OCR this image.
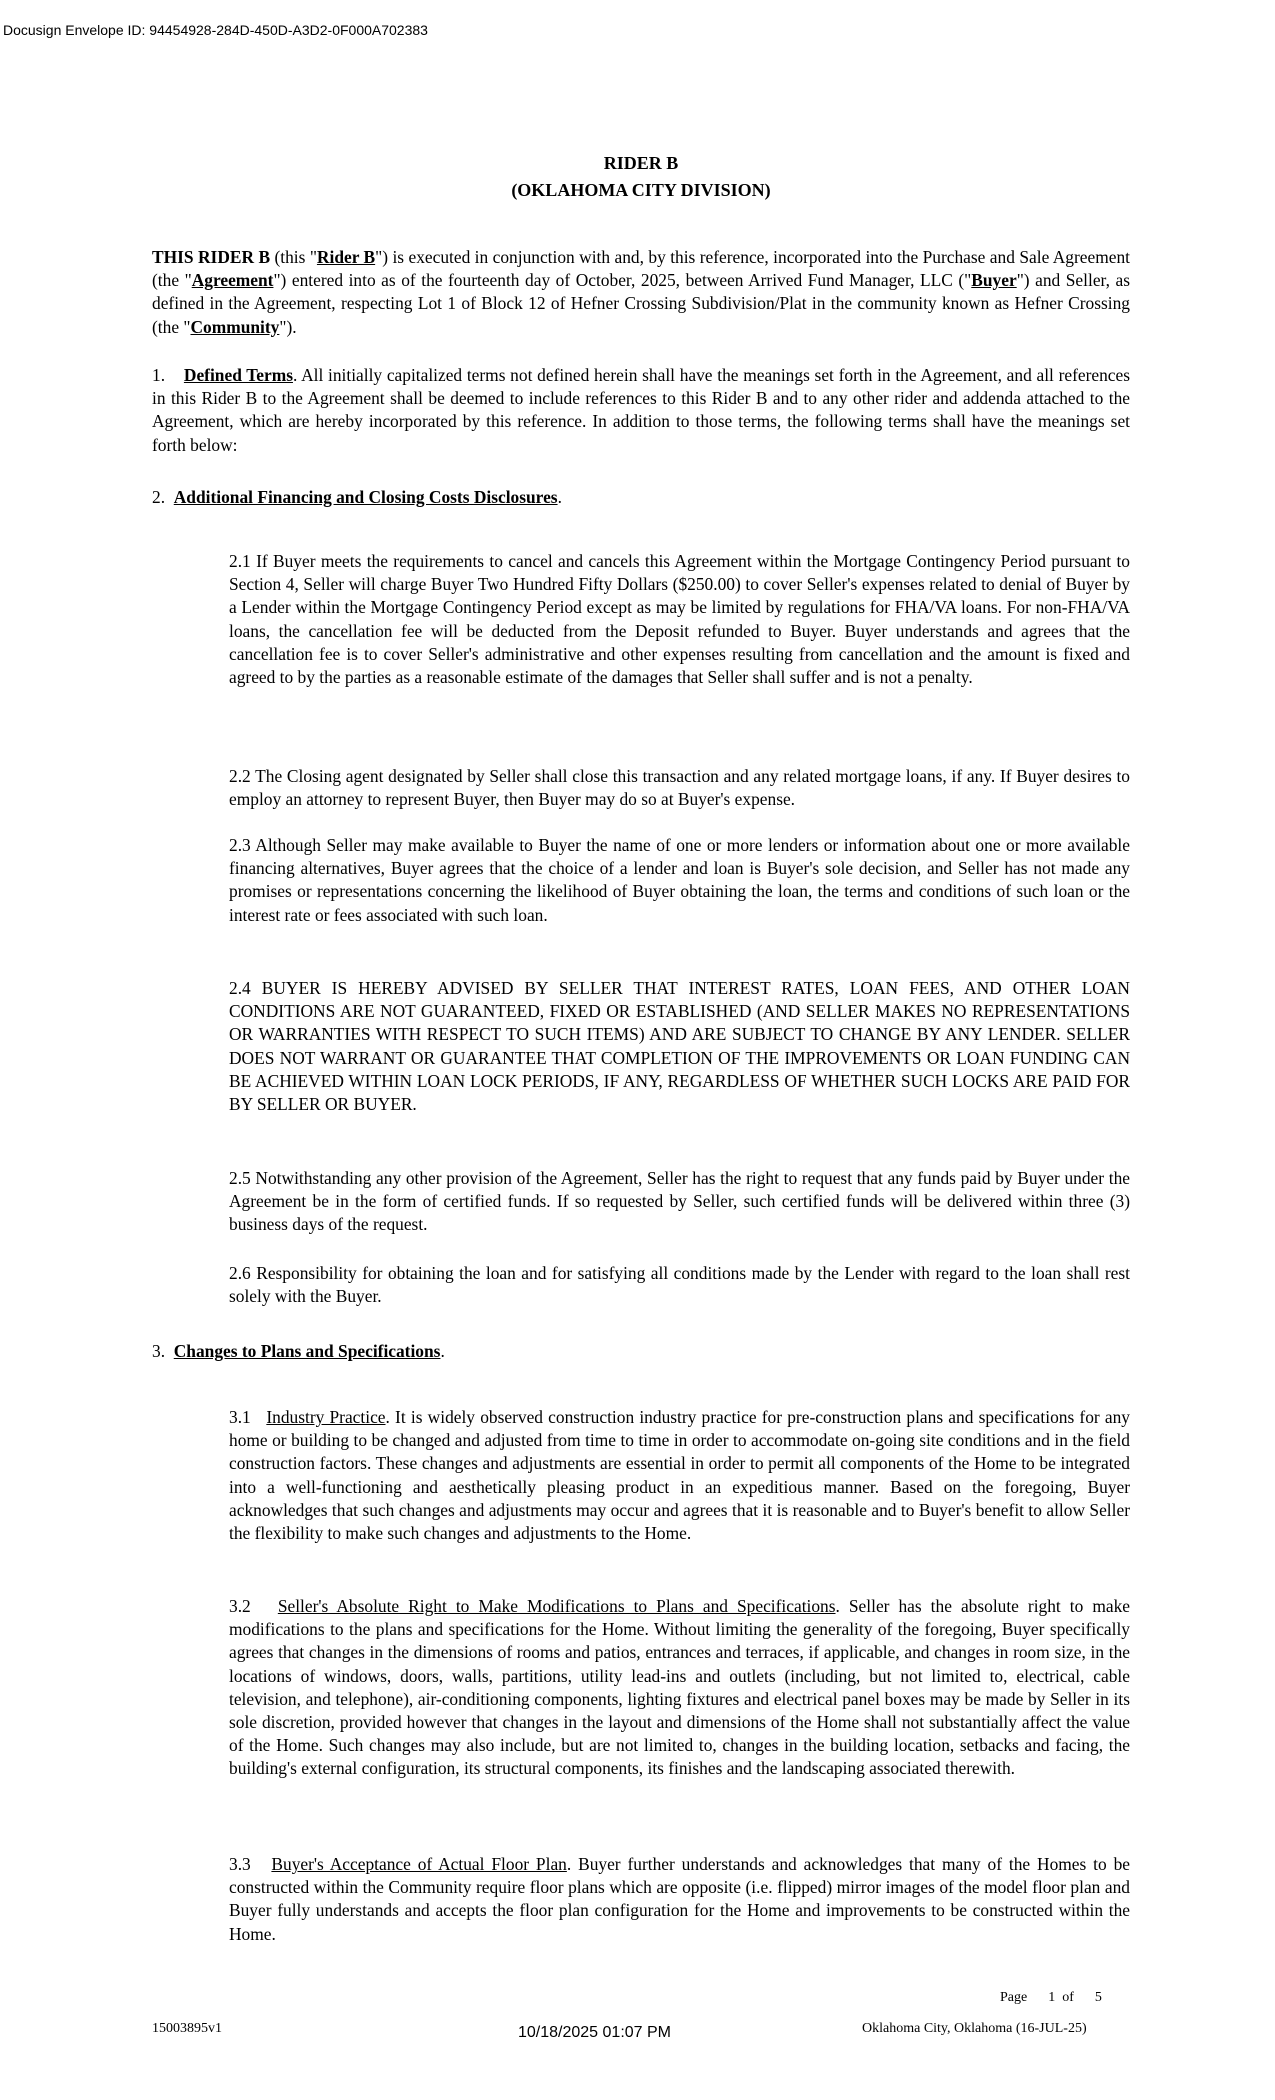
Docusign Envelope ID: 94454928-284D-450D-A3D2-0F000A702383
RIDER B
(OKLAHOMA CITY DIVISION)

THIS RIDER B (this "Rider B") is executed in conjunction with and, by this reference, incorporated into the Purchase and Sale Agreement (the "Agreement") entered into as of the fourteenth day of October, 2025, between Arrived Fund Manager, LLC ("Buyer") and Seller, as defined in the Agreement, respecting Lot 1 of Block 12 of Hefner Crossing Subdivision/Plat in the community known as Hefner Crossing (the "Community").

1. Defined Terms. All initially capitalized terms not defined herein shall have the meanings set forth in the Agreement, and all references in this Rider B to the Agreement shall be deemed to include references to this Rider B and to any other rider and addenda attached to the Agreement, which are hereby incorporated by this reference. In addition to those terms, the following terms shall have the meanings set forth below:

2. Additional Financing and Closing Costs Disclosures.

2.1 If Buyer meets the requirements to cancel and cancels this Agreement within the Mortgage Contingency Period pursuant to Section 4, Seller will charge Buyer Two Hundred Fifty Dollars ($250.00) to cover Seller's expenses related to denial of Buyer by a Lender within the Mortgage Contingency Period except as may be limited by regulations for FHA/VA loans. For non-FHA/VA loans, the cancellation fee will be deducted from the Deposit refunded to Buyer. Buyer understands and agrees that the cancellation fee is to cover Seller's administrative and other expenses resulting from cancellation and the amount is fixed and agreed to by the parties as a reasonable estimate of the damages that Seller shall suffer and is not a penalty.

2.2 The Closing agent designated by Seller shall close this transaction and any related mortgage loans, if any. If Buyer desires to employ an attorney to represent Buyer, then Buyer may do so at Buyer's expense.

2.3 Although Seller may make available to Buyer the name of one or more lenders or information about one or more available financing alternatives, Buyer agrees that the choice of a lender and loan is Buyer's sole decision, and Seller has not made any promises or representations concerning the likelihood of Buyer obtaining the loan, the terms and conditions of such loan or the interest rate or fees associated with such loan.

2.4 BUYER IS HEREBY ADVISED BY SELLER THAT INTEREST RATES, LOAN FEES, AND OTHER LOAN CONDITIONS ARE NOT GUARANTEED, FIXED OR ESTABLISHED (AND SELLER MAKES NO REPRESENTATIONS OR WARRANTIES WITH RESPECT TO SUCH ITEMS) AND ARE SUBJECT TO CHANGE BY ANY LENDER. SELLER DOES NOT WARRANT OR GUARANTEE THAT COMPLETION OF THE IMPROVEMENTS OR LOAN FUNDING CAN BE ACHIEVED WITHIN LOAN LOCK PERIODS, IF ANY, REGARDLESS OF WHETHER SUCH LOCKS ARE PAID FOR BY SELLER OR BUYER.

2.5 Notwithstanding any other provision of the Agreement, Seller has the right to request that any funds paid by Buyer under the Agreement be in the form of certified funds. If so requested by Seller, such certified funds will be delivered within three (3) business days of the request.

2.6 Responsibility for obtaining the loan and for satisfying all conditions made by the Lender with regard to the loan shall rest solely with the Buyer.

3. Changes to Plans and Specifications.

3.1 Industry Practice. It is widely observed construction industry practice for pre-construction plans and specifications for any home or building to be changed and adjusted from time to time in order to accommodate on-going site conditions and in the field construction factors. These changes and adjustments are essential in order to permit all components of the Home to be integrated into a well-functioning and aesthetically pleasing product in an expeditious manner. Based on the foregoing, Buyer acknowledges that such changes and adjustments may occur and agrees that it is reasonable and to Buyer's benefit to allow Seller the flexibility to make such changes and adjustments to the Home.

3.2 Seller's Absolute Right to Make Modifications to Plans and Specifications. Seller has the absolute right to make modifications to the plans and specifications for the Home. Without limiting the generality of the foregoing, Buyer specifically agrees that changes in the dimensions of rooms and patios, entrances and terraces, if applicable, and changes in room size, in the locations of windows, doors, walls, partitions, utility lead-ins and outlets (including, but not limited to, electrical, cable television, and telephone), air-conditioning components, lighting fixtures and electrical panel boxes may be made by Seller in its sole discretion, provided however that changes in the layout and dimensions of the Home shall not substantially affect the value of the Home. Such changes may also include, but are not limited to, changes in the building location, setbacks and facing, the building's external configuration, its structural components, its finishes and the landscaping associated therewith.

3.3 Buyer's Acceptance of Actual Floor Plan. Buyer further understands and acknowledges that many of the Homes to be constructed within the Community require floor plans which are opposite (i.e. flipped) mirror images of the model floor plan and Buyer fully understands and accepts the floor plan configuration for the Home and improvements to be constructed within the Home.

Page 1 of 5
15003895v1	10/18/2025 01:07 PM	Oklahoma City, Oklahoma (16-JUL-25)
